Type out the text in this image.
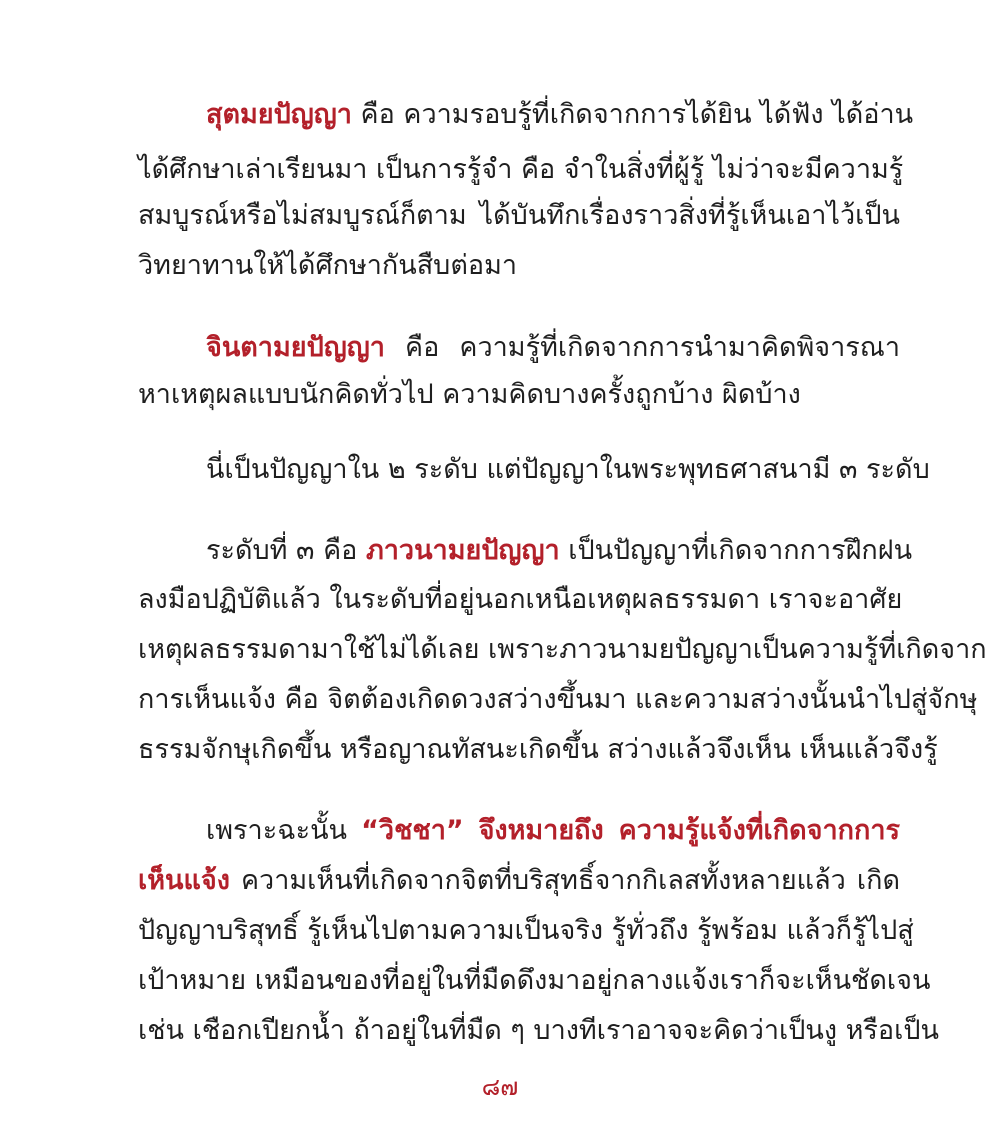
สุตมยปัญญา คือ ความรอบรู้ที่เกิดจากการได้ยิน ได้ฟัง ได้อ่าน
ได้ศึกษาเล่าเรียนมา เป็นการรู้จำ คือ จำในสิ่งที่ผู้รู้ ไม่ว่าจะมีความรู้
สมบูรณ์หรือไม่สมบูรณ์ก็ตาม ได้บันทึกเรื่องราวสิ่งที่รู้เห็นเอาไว้เป็น
วิทยาทานให้ได้ศึกษากันสืบต่อมา
จินตามยปัญญา คือ ความรู้ที่เกิดจากการนำมาคิดพิจารณา
หาเหตุผลแบบนักคิดทั่วไป ความคิดบางครั้งถูกบ้าง ผิดบ้าง
นี่เป็นปัญญาใน ๒ ระดับ แต่ปัญญาในพระพุทธศาสนามี ๓ ระดับ
ระดับที่ ๓ คือ ภาวนามยปัญญา เป็นปัญญาที่เกิดจากการฝึกฝน
ลงมือปฏิบัติแล้ว ในระดับที่อยู่นอกเหนือเหตุผลธรรมดา เราจะอาศัย
เหตุผลธรรมดามาใช้ไม่ได้เลย เพราะภาวนามยปัญญาเป็นความรู้ที่เกิดจาก
การเห็นแจ้ง คือ จิตต้องเกิดดวงสว่างขึ้นมา และความสว่างนั้นนำไปสู่จักษุ
ธรรมจักษุเกิดขึ้น หรือญาณทัสนะเกิดขึ้น สว่างแล้วจึงเห็น เห็นแล้วจึงรู้
เพราะฉะนั้น “วิชชา” จึงหมายถึง ความรู้แจ้งที่เกิดจากการ
เห็นแจ้ง ความเห็นที่เกิดจากจิตที่บริสุทธิ์จากกิเลสทั้งหลายแล้ว เกิด
ปัญญาบริสุทธิ์ รู้เห็นไปตามความเป็นจริง รู้ทั่วถึง รู้พร้อม แล้วก็รู้ไปสู่
เป้าหมาย เหมือนของที่อยู่ในที่มืดดึงมาอยู่กลางแจ้งเราก็จะเห็นชัดเจน
เช่น เชือกเปียกน้ำ ถ้าอยู่ในที่มืด ๆ บางทีเราอาจจะคิดว่าเป็นงู หรือเป็น
๘๗
